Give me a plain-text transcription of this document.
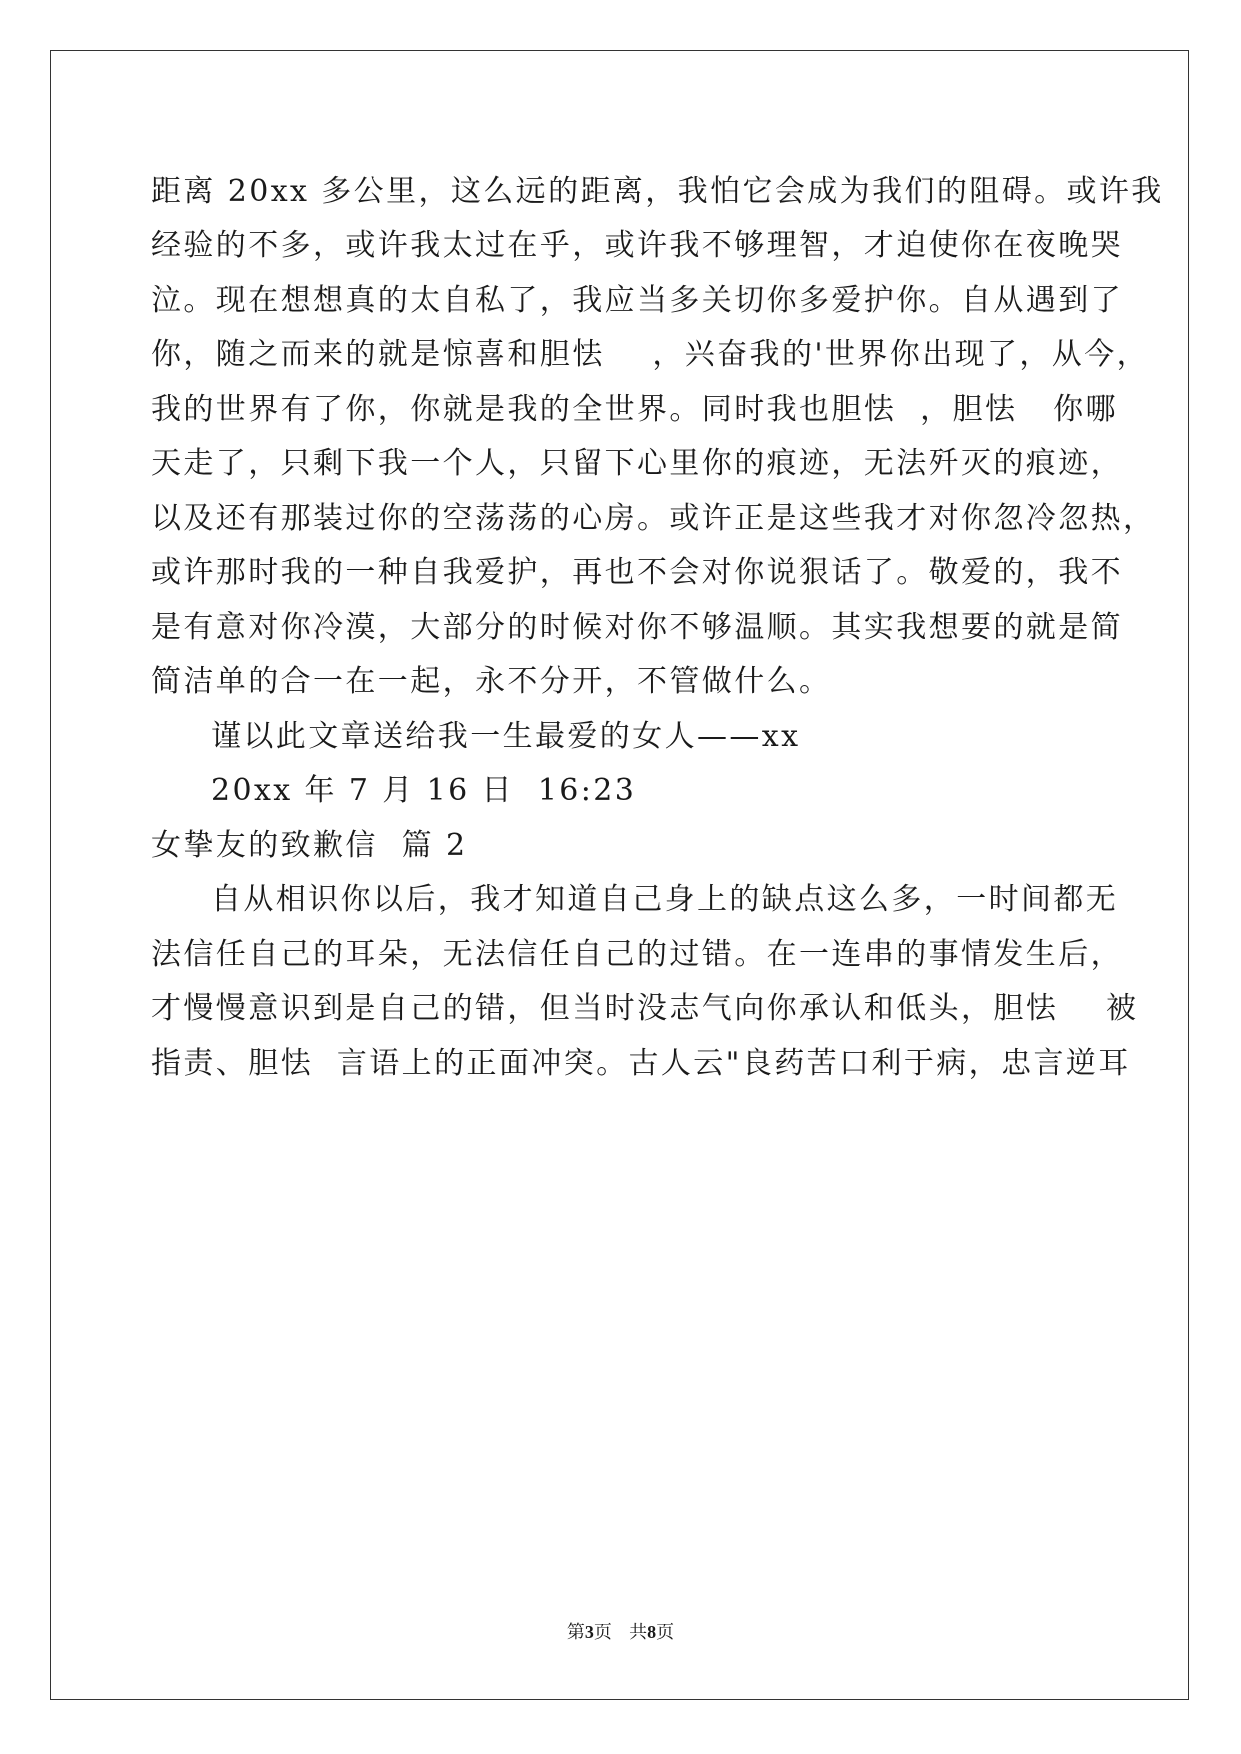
距离 20xx 多公里，这么远的距离，我怕它会成为我们的阻碍。或许我
经验的不多，或许我太过在乎，或许我不够理智，才迫使你在夜晚哭
泣。现在想想真的太自私了，我应当多关切你多爱护你。自从遇到了
你，随之而来的就是惊喜和胆怯    ，兴奋我的'世界你出现了，从今，
我的世界有了你，你就是我的全世界。同时我也胆怯  ，胆怯   你哪
天走了，只剩下我一个人，只留下心里你的痕迹，无法歼灭的痕迹，
以及还有那装过你的空荡荡的心房。或许正是这些我才对你忽冷忽热，
或许那时我的一种自我爱护，再也不会对你说狠话了。敬爱的，我不
是有意对你冷漠，大部分的时候对你不够温顺。其实我想要的就是简
简洁单的合一在一起，永不分开，不管做什么。
谨以此文章送给我一生最爱的女人——xx
20xx 年 7 月 16 日  16:23
女挚友的致歉信  篇 2
自从相识你以后，我才知道自己身上的缺点这么多，一时间都无
法信任自己的耳朵，无法信任自己的过错。在一连串的事情发生后，
才慢慢意识到是自己的错，但当时没志气向你承认和低头，胆怯    被
指责、胆怯  言语上的正面冲突。古人云"良药苦口利于病，忠言逆耳
第3页   共8页
